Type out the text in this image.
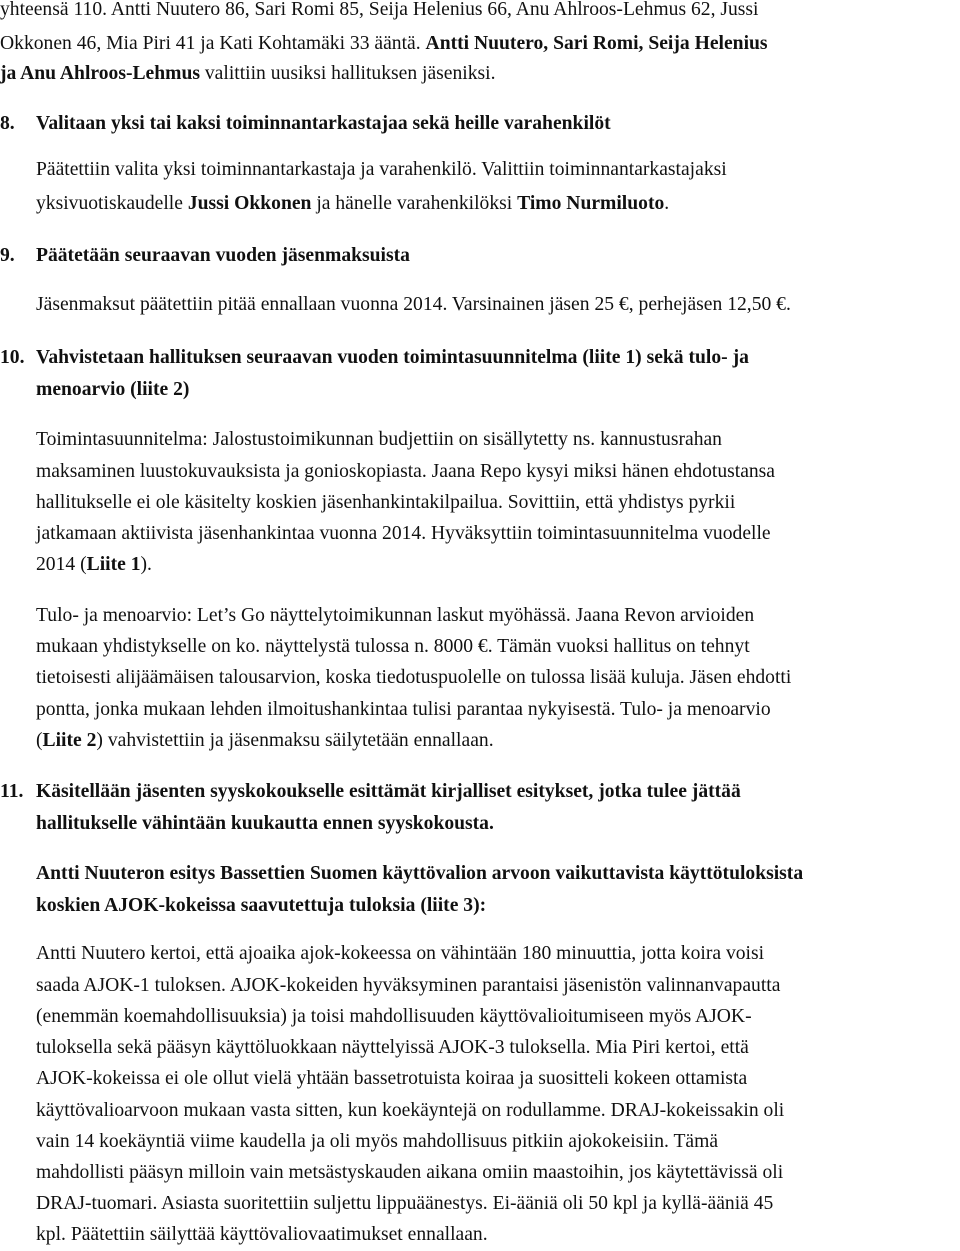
yhteensä 110. Antti Nuutero 86, Sari Romi 85, Seija Helenius 66, Anu Ahlroos-Lehmus 62, Jussi
Okkonen 46, Mia Piri 41 ja Kati Kohtamäki 33 ääntä. Antti Nuutero, Sari Romi, Seija Helenius
ja Anu Ahlroos-Lehmus valittiin uusiksi hallituksen jäseniksi.
8. Valitaan yksi tai kaksi toiminnantarkastajaa sekä heille varahenkilöt
Päätettiin valita yksi toiminnantarkastaja ja varahenkilö. Valittiin toiminnantarkastajaksi
yksivuotiskaudelle Jussi Okkonen ja hänelle varahenkilöksi Timo Nurmiluoto.
9. Päätetään seuraavan vuoden jäsenmaksuista
Jäsenmaksut päätettiin pitää ennallaan vuonna 2014. Varsinainen jäsen 25 €, perhejäsen 12,50 €.
10. Vahvistetaan hallituksen seuraavan vuoden toimintasuunnitelma (liite 1) sekä tulo- ja
menoarvio (liite 2)
Toimintasuunnitelma: Jalostustoimikunnan budjettiin on sisällytetty ns. kannustusrahan
maksaminen luustokuvauksista ja gonioskopiasta. Jaana Repo kysyi miksi hänen ehdotustansa
hallitukselle ei ole käsitelty koskien jäsenhankintakilpailua. Sovittiin, että yhdistys pyrkii
jatkamaan aktiivista jäsenhankintaa vuonna 2014. Hyväksyttiin toimintasuunnitelma vuodelle
2014 (Liite 1).
Tulo- ja menoarvio: Let’s Go näyttelytoimikunnan laskut myöhässä. Jaana Revon arvioiden
mukaan yhdistykselle on ko. näyttelystä tulossa n. 8000 €. Tämän vuoksi hallitus on tehnyt
tietoisesti alijäämäisen talousarvion, koska tiedotuspuolelle on tulossa lisää kuluja. Jäsen ehdotti
pontta, jonka mukaan lehden ilmoitushankintaa tulisi parantaa nykyisestä. Tulo- ja menoarvio
(Liite 2) vahvistettiin ja jäsenmaksu säilytetään ennallaan.
11. Käsitellään jäsenten syyskokoukselle esittämät kirjalliset esitykset, jotka tulee jättää
hallitukselle vähintään kuukautta ennen syyskokousta.
Antti Nuuteron esitys Bassettien Suomen käyttövalion arvoon vaikuttavista käyttötuloksista
koskien AJOK-kokeissa saavutettuja tuloksia (liite 3):
Antti Nuutero kertoi, että ajoaika ajok-kokeessa on vähintään 180 minuuttia, jotta koira voisi
saada AJOK-1 tuloksen. AJOK-kokeiden hyväksyminen parantaisi jäsenistön valinnanvapautta
(enemmän koemahdollisuuksia) ja toisi mahdollisuuden käyttövalioitumiseen myös AJOK-
tuloksella sekä pääsyn käyttöluokkaan näyttelyissä AJOK-3 tuloksella. Mia Piri kertoi, että
AJOK-kokeissa ei ole ollut vielä yhtään bassetrotuista koiraa ja suositteli kokeen ottamista
käyttövalioarvoon mukaan vasta sitten, kun koekäyntejä on rodullamme. DRAJ-kokeissakin oli
vain 14 koekäyntiä viime kaudella ja oli myös mahdollisuus pitkiin ajokokeisiin. Tämä
mahdollisti pääsyn milloin vain metsästyskauden aikana omiin maastoihin, jos käytettävissä oli
DRAJ-tuomari. Asiasta suoritettiin suljettu lippuäänestys. Ei-ääniä oli 50 kpl ja kyllä-ääniä 45
kpl. Päätettiin säilyttää käyttövaliovaatimukset ennallaan.
